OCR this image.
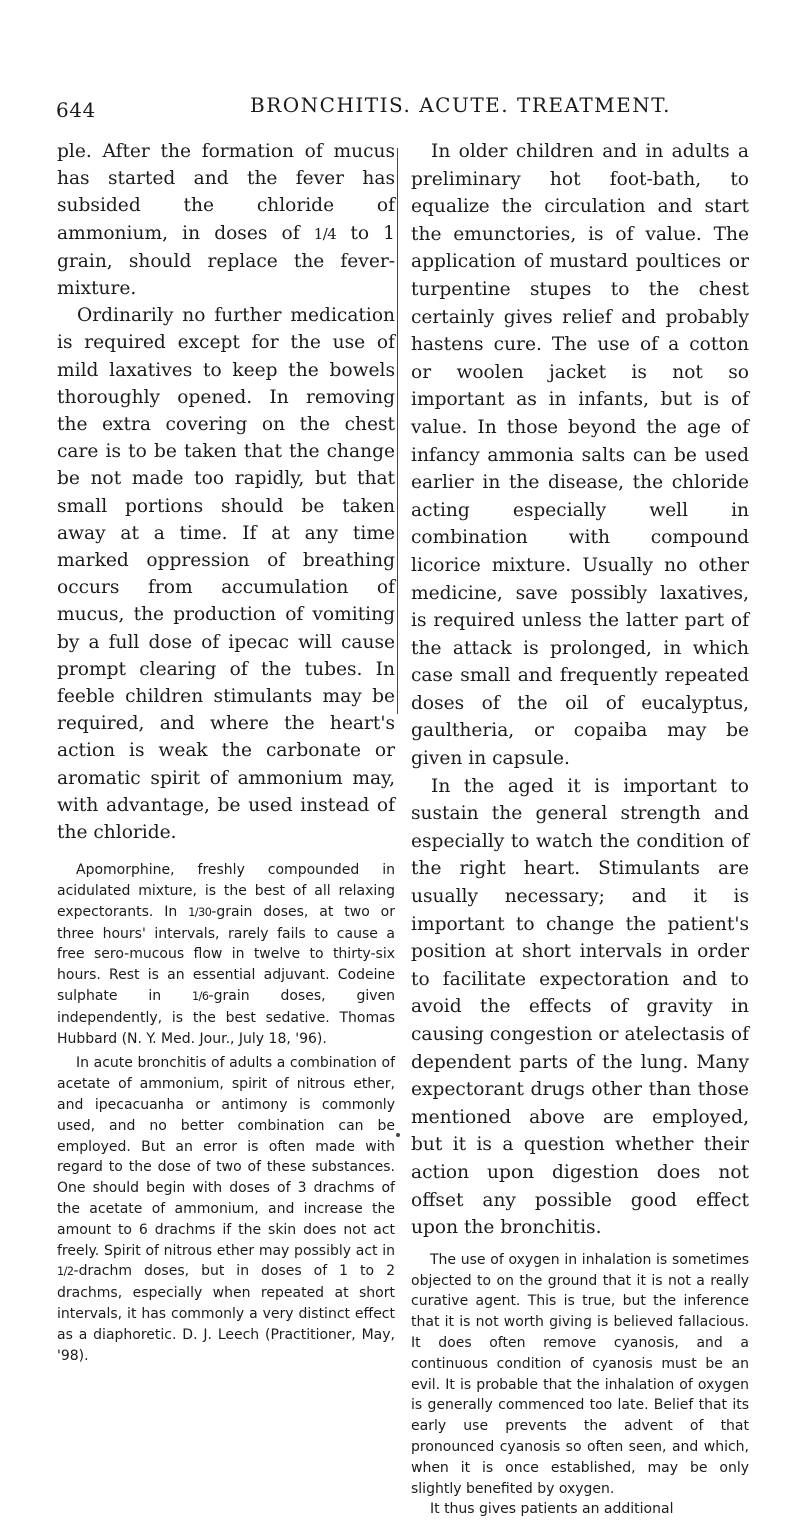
644	BRONCHITIS. ACUTE. TREATMENT.

ple. After the formation of mucus has started and the fever has subsided the chloride of ammonium, in doses of 1/4 to 1 grain, should replace the fever-mixture.

Ordinarily no further medication is required except for the use of mild laxatives to keep the bowels thoroughly opened. In removing the extra covering on the chest care is to be taken that the change be not made too rapidly, but that small portions should be taken away at a time. If at any time marked oppression of breathing occurs from accumulation of mucus, the production of vomiting by a full dose of ipecac will cause prompt clearing of the tubes. In feeble children stimulants may be required, and where the heart's action is weak the carbonate or aromatic spirit of ammonium may, with advantage, be used instead of the chloride.

Apomorphine, freshly compounded in acidulated mixture, is the best of all relaxing expectorants. In 1/30-grain doses, at two or three hours' intervals, rarely fails to cause a free sero-mucous flow in twelve to thirty-six hours. Rest is an essential adjuvant. Codeine sulphate in 1/6-grain doses, given independently, is the best sedative. Thomas Hubbard (N. Y. Med. Jour., July 18, '96).

In acute bronchitis of adults a combination of acetate of ammonium, spirit of nitrous ether, and ipecacuanha or antimony is commonly used, and no better combination can be employed. But an error is often made with regard to the dose of two of these substances. One should begin with doses of 3 drachms of the acetate of ammonium, and increase the amount to 6 drachms if the skin does not act freely. Spirit of nitrous ether may possibly act in 1/2-drachm doses, but in doses of 1 to 2 drachms, especially when repeated at short intervals, it has commonly a very distinct effect as a diaphoretic. D. J. Leech (Practitioner, May, '98).

In older children and in adults a preliminary hot foot-bath, to equalize the circulation and start the emunctories, is of value. The application of mustard poultices or turpentine stupes to the chest certainly gives relief and probably hastens cure. The use of a cotton or woolen jacket is not so important as in infants, but is of value. In those beyond the age of infancy ammonia salts can be used earlier in the disease, the chloride acting especially well in combination with compound licorice mixture. Usually no other medicine, save possibly laxatives, is required unless the latter part of the attack is prolonged, in which case small and frequently repeated doses of the oil of eucalyptus, gaultheria, or copaiba may be given in capsule.

In the aged it is important to sustain the general strength and especially to watch the condition of the right heart. Stimulants are usually necessary; and it is important to change the patient's position at short intervals in order to facilitate expectoration and to avoid the effects of gravity in causing congestion or atelectasis of dependent parts of the lung. Many expectorant drugs other than those mentioned above are employed, but it is a question whether their action upon digestion does not offset any possible good effect upon the bronchitis.

The use of oxygen in inhalation is sometimes objected to on the ground that it is not a really curative agent. This is true, but the inference that it is not worth giving is believed fallacious. It does often remove cyanosis, and a continuous condition of cyanosis must be an evil. It is probable that the inhalation of oxygen is generally commenced too late. Belief that its early use prevents the advent of that pronounced cyanosis so often seen, and which, when it is once established, may be only slightly benefited by oxygen.

It thus gives patients an additional
